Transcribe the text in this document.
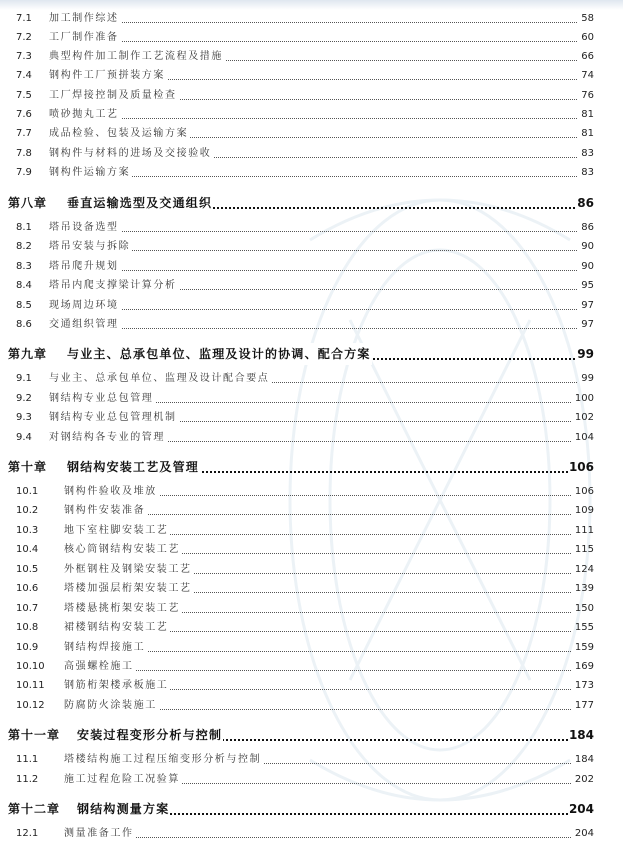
7.1 加工制作综述	58
7.2 工厂制作准备	60
7.3 典型构件加工制作工艺流程及措施	66
7.4 钢构件工厂预拼装方案	74
7.5 工厂焊接控制及质量检查	76
7.6 喷砂抛丸工艺	81
7.7 成品检验、包装及运输方案	81
7.8 钢构件与材料的进场及交接验收	83
7.9 钢构件运输方案	83
第八章 垂直运输选型及交通组织	86
8.1 塔吊设备选型	86
8.2 塔吊安装与拆除	90
8.3 塔吊爬升规划	90
8.4 塔吊内爬支撑梁计算分析	95
8.5 现场周边环境	97
8.6 交通组织管理	97
第九章 与业主、总承包单位、监理及设计的协调、配合方案	99
9.1 与业主、总承包单位、监理及设计配合要点	99
9.2 钢结构专业总包管理	100
9.3 钢结构专业总包管理机制	102
9.4 对钢结构各专业的管理	104
第十章 钢结构安装工艺及管理	106
10.1	钢构件验收及堆放	106
10.2	钢构件安装准备	109
10.3	地下室柱脚安装工艺	111
10.4	核心筒钢结构安装工艺	115
10.5	外框钢柱及钢梁安装工艺	124
10.6	塔楼加强层桁架安装工艺	139
10.7	塔楼悬挑桁架安装工艺	150
10.8	裙楼钢结构安装工艺	155
10.9	钢结构焊接施工	159
10.10 高强螺栓施工	169
10.11 钢筋桁架楼承板施工	173
10.12 防腐防火涂装施工	177
第十一章 安装过程变形分析与控制	184
11.1	塔楼结构施工过程压缩变形分析与控制	184
11.2	施工过程危险工况验算	202
第十二章 钢结构测量方案	204
12.1	测量准备工作	204
